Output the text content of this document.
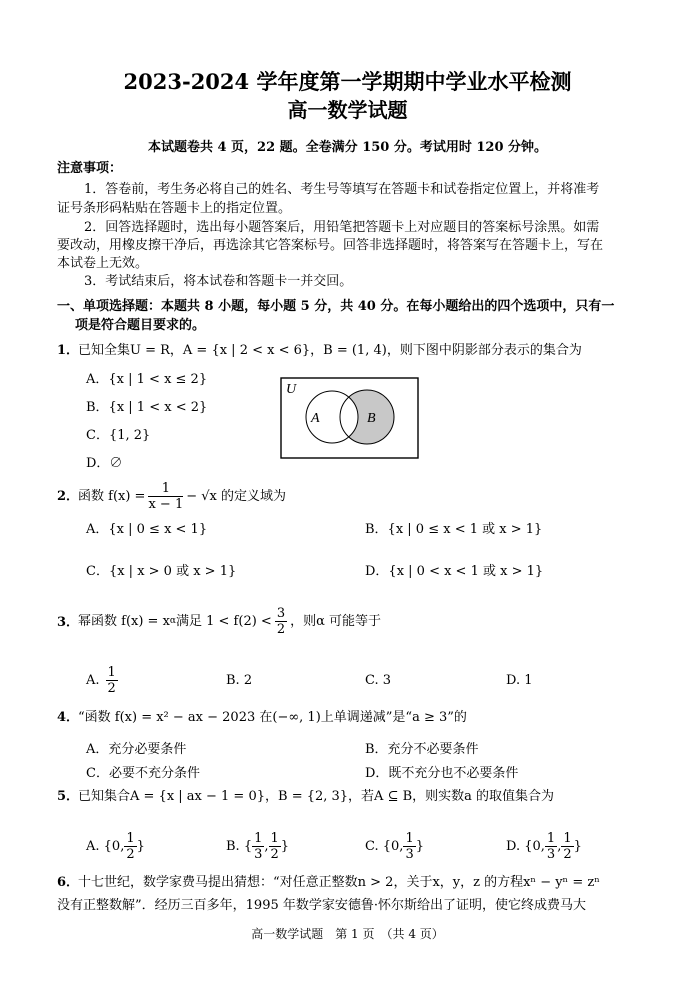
2023-2024 学年度第一学期期中学业水平检测
高一数学试题
本试题卷共 4 页，22 题。全卷满分 150 分。考试用时 120 分钟。
注意事项：
1．答卷前，考生务必将自己的姓名、考生号等填写在答题卡和试卷指定位置上，并将准考
证号条形码粘贴在答题卡上的指定位置。
2．回答选择题时，选出每小题答案后，用铅笔把答题卡上对应题目的答案标号涂黑。如需
要改动，用橡皮擦干净后，再选涂其它答案标号。回答非选择题时，将答案写在答题卡上，写在
本试卷上无效。
3．考试结束后，将本试卷和答题卡一并交回。
一、单项选择题：本题共 8 小题，每小题 5 分，共 40 分。在每小题给出的四个选项中，只有一
项是符合题目要求的。
1．
已知全集U = R，A = {x | 2 < x < 6}，B = (1, 4)，则下图中阴影部分表示的集合为
A．{x | 1 < x ≤ 2}
B．{x | 1 < x < 2}
C．{1, 2}
D．∅
U
A	B
2．
函数 $f(x) = \frac{1}{x - 1} - √x$ 的定义域为
A．{x | 0 ≤ x < 1}	B．{x | 0 ≤ x < 1 或 x > 1}
C．{x | x > 0 或 x > 1}	D．{x | 0 < x < 1 或 x > 1}
3．
幂函数 f(x) = x α 满足 $1 < f(2) < \frac{3}{2}$ ，则α 可能等于
A. $\frac{1}{2}$	B. 2	C. 3	D. 1
4．
“函数 f(x) = x² − ax − 2023 在(−∞, 1)上单调递减”是“a ≥ 3”的
A．充分必要条件	B．充分不必要条件
C．必要不充分条件	D．既不充分也不必要条件
5．
已知集合A = {x | ax − 1 = 0}，B = {2, 3}，若A ⊆ B，则实数a 的取值集合为
A. {0, $\frac{1}{2}$ }	B. { $\frac{1}{3}$ , $\frac{1}{2}$ }	C. {0, $\frac{1}{3}$ }	D. {0, $\frac{1}{3}$ , $\frac{1}{2}$ }
6．
十七世纪，数学家费马提出猜想：“对任意正整数n > 2，关于x，y，z 的方程xⁿ − yⁿ = zⁿ
没有正整数解”．经历三百多年，1995 年数学家安德鲁·怀尔斯给出了证明，使它终成费马大
高一数学试题　第 1 页　（共 4 页）
